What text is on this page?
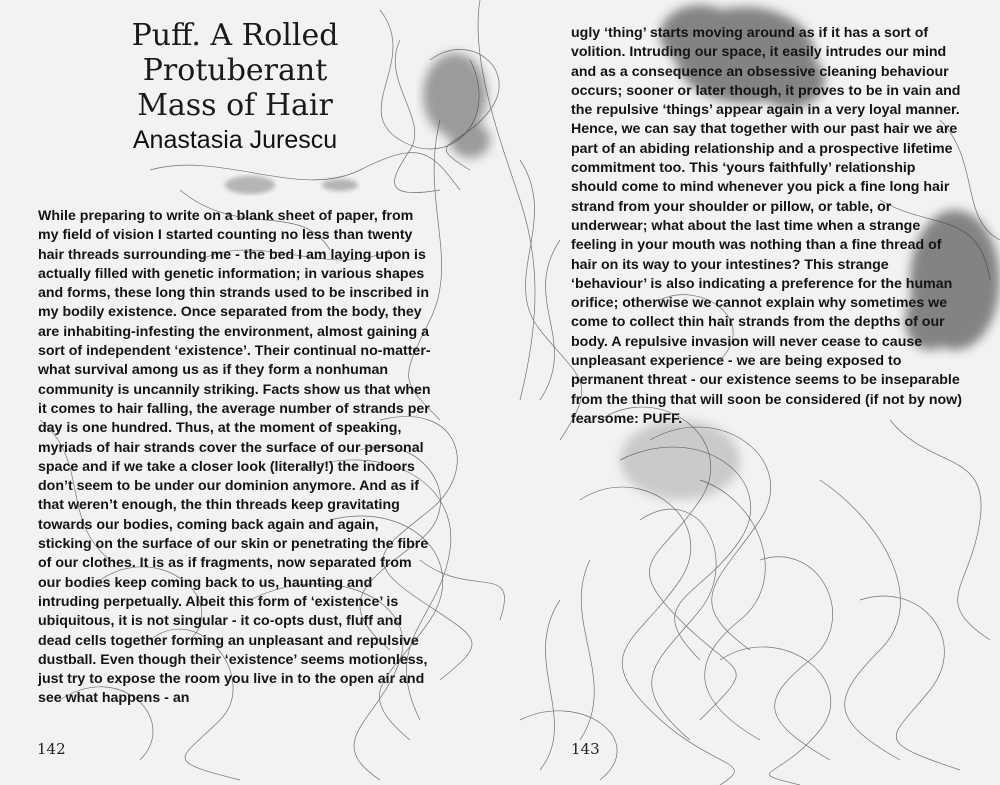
Puff. A Rolled
Protuberant
Mass of Hair
Anastasia Jurescu

While preparing to write on a blank sheet of paper, from my field of vision I started counting no less than twenty hair threads surrounding me - the bed I am laying upon is actually filled with genetic information; in various shapes and forms, these long thin strands used to be inscribed in my bodily existence. Once separated from the body, they are inhabiting-infesting the environment, almost gaining a sort of independent ‘existence’. Their continual no-matter-what survival among us as if they form a nonhuman community is uncannily striking. Facts show us that when it comes to hair falling, the average number of strands per day is one hundred. Thus, at the moment of speaking, myriads of hair strands cover the surface of our personal space and if we take a closer look (literally!) the indoors don’t seem to be under our dominion anymore. And as if that weren’t enough, the thin threads keep gravitating towards our bodies, coming back again and again, sticking on the surface of our skin or penetrating the fibre of our clothes. It is as if fragments, now separated from our bodies keep coming back to us, haunting and intruding perpetually. Albeit this form of ‘existence’ is ubiquitous, it is not singular - it co-opts dust, fluff and dead cells together forming an unpleasant and repulsive dustball. Even though their ‘existence’ seems motionless, just try to expose the room you live in to the open air and see what happens - an

ugly ‘thing’ starts moving around as if it has a sort of volition. Intruding our space, it easily intrudes our mind and as a consequence an obsessive cleaning behaviour occurs; sooner or later though, it proves to be in vain and the repulsive ‘things’ appear again in a very loyal manner. Hence, we can say that together with our past hair we are part of an abiding relationship and a prospective lifetime commitment too. This ‘yours faithfully’ relationship should come to mind whenever you pick a fine long hair strand from your shoulder or pillow, or table, or underwear; what about the last time when a strange feeling in your mouth was nothing than a fine thread of hair on its way to your intestines? This strange ‘behaviour’ is also indicating a preference for the human orifice; otherwise we cannot explain why sometimes we come to collect thin hair strands from the depths of our body. A repulsive invasion will never cease to cause unpleasant experience - we are being exposed to permanent threat - our existence seems to be inseparable from the thing that will soon be considered (if not by now) fearsome: PUFF.

142	143
